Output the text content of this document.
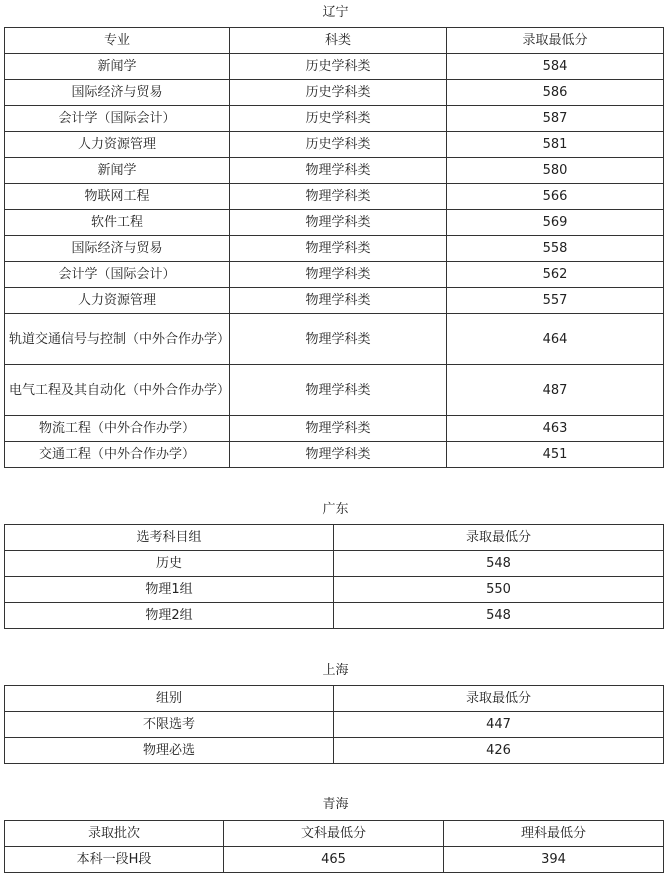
辽宁
专业	科类	录取最低分
新闻学	历史学科类	584
国际经济与贸易	历史学科类	586
会计学（国际会计）	历史学科类	587
人力资源管理	历史学科类	581
新闻学	物理学科类	580
物联网工程	物理学科类	566
软件工程	物理学科类	569
国际经济与贸易	物理学科类	558
会计学（国际会计）	物理学科类	562
人力资源管理	物理学科类	557
轨道交通信号与控制（中外合作办学）	物理学科类	464
电气工程及其自动化（中外合作办学）	物理学科类	487
物流工程（中外合作办学）	物理学科类	463
交通工程（中外合作办学）	物理学科类	451
广东
选考科目组	录取最低分
历史	548
物理1组	550
物理2组	548
上海
组别	录取最低分
不限选考	447
物理必选	426
青海
录取批次	文科最低分	理科最低分
本科一段H段	465	394
